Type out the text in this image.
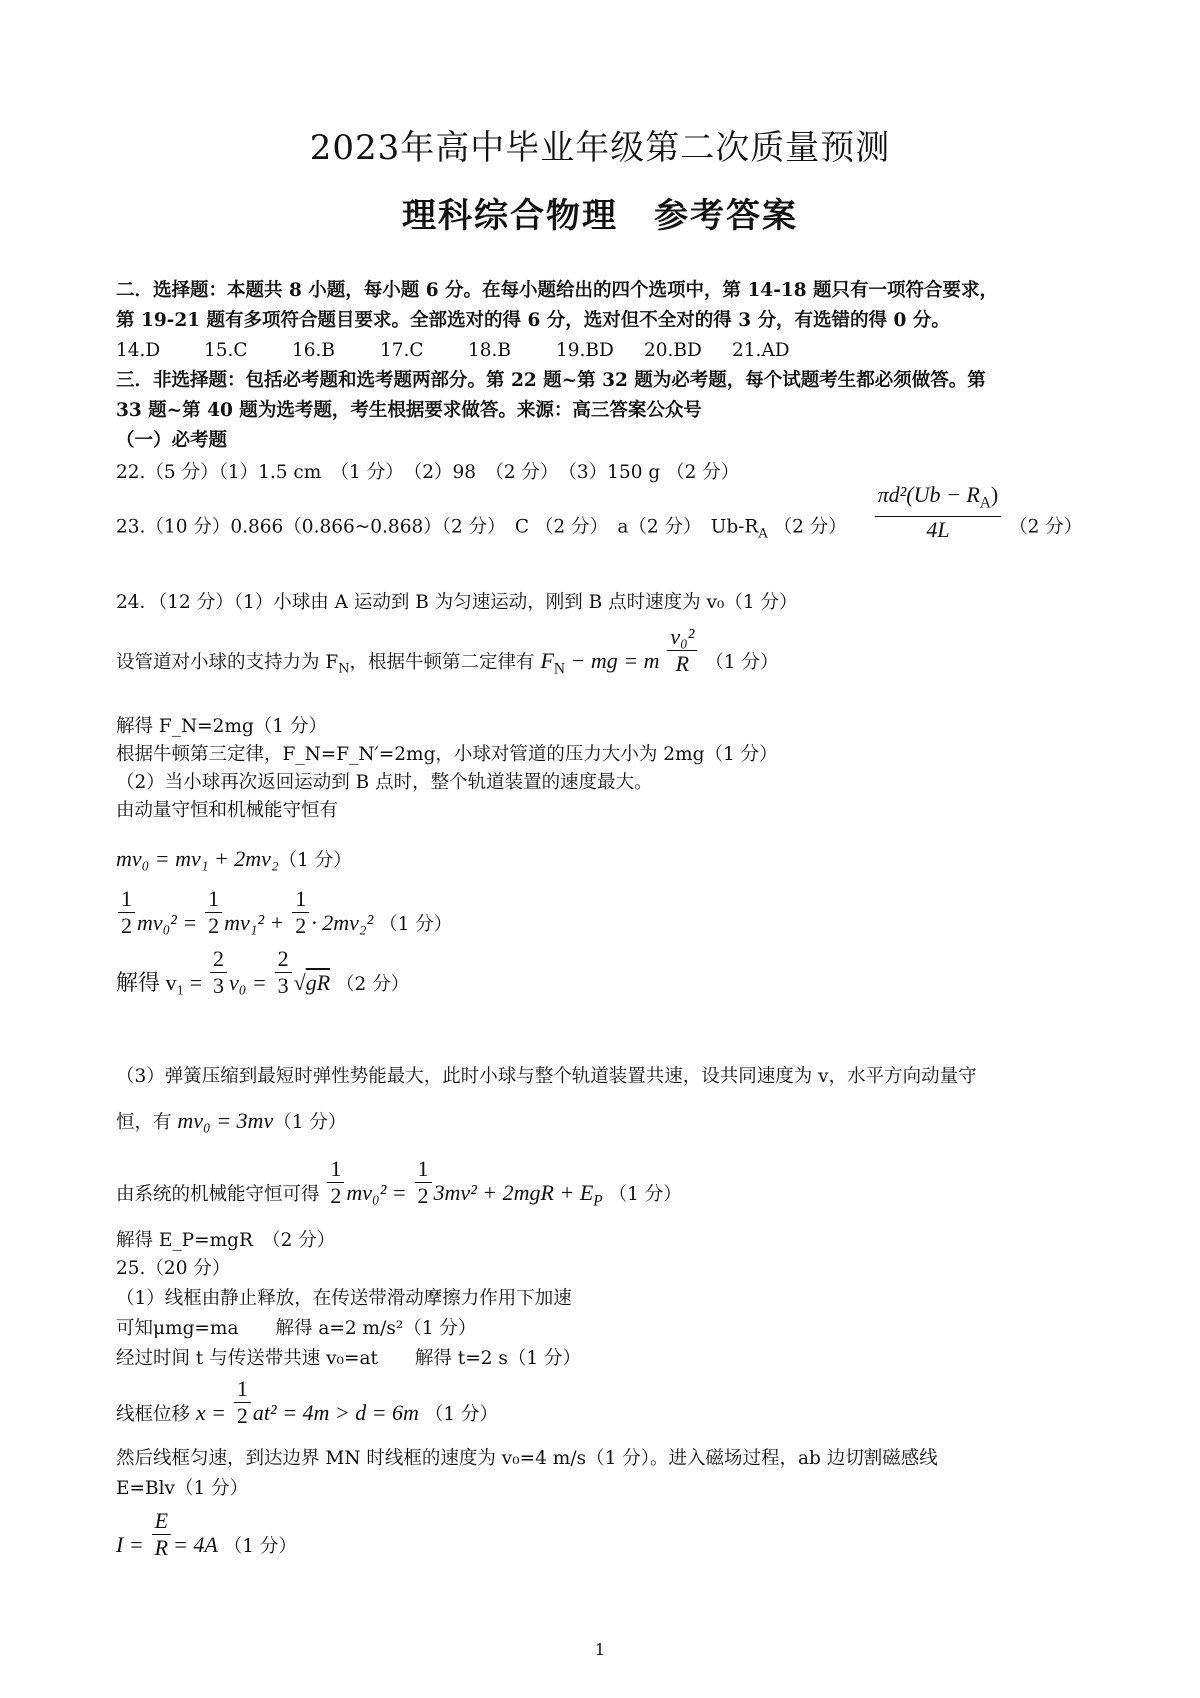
2023年高中毕业年级第二次质量预测
理科综合物理　参考答案
二．选择题：本题共 8 小题，每小题 6 分。在每小题给出的四个选项中，第 14-18 题只有一项符合要求，
第 19-21 题有多项符合题目要求。全部选对的得 6 分，选对但不全对的得 3 分，有选错的得 0 分。
14.D 15.C 16.B 17.C 18.B 19.BD 20.BD 21.AD
三．非选择题：包括必考题和选考题两部分。第 22 题~第 32 题为必考题，每个试题考生都必须做答。第
33 题~第 40 题为选考题，考生根据要求做答。来源：高三答案公众号
（一）必考题
22.（5 分）（1）1.5 cm　（1 分）　（2）98　（2 分）　（3）150 g （2 分）
23.（10 分）0.866（0.866~0.868）（2 分）　C （2 分）　a（2 分）　$Ub-R_A$ （2 分） $\frac{\pi d^2(Ub - R_A)}{4L} (2$ 分）
24．（12 分）（1）小球由 A 运动到 B 为匀速运动，刚到 B 点时速度为 v₀（1 分）
设管道对小球的支持力为 $F_N$，根据牛顿第二定律有 $F_N$ − mg = m $\frac{\text{v₀²}}{R} (1$ 分）
解得 F_N=2mg（1 分）
根据牛顿第三定律，F_N=F_N′=2mg，小球对管道的压力大小为 2mg（1 分）
（2）当小球再次返回运动到 B 点时，整个轨道装置的速度最大。
由动量守恒和机械能守恒有
mv₀ = mv₁ + 2mv₂（1 分）
$\frac{1}{2} mv_0^2 = \frac{1}{2} mv_1^2 + \frac{1}{2} \cdot 2mv_2^2$ （1 分）
解得 $v_1 = \frac{2}{3} v_0 = \frac{2}{3} √gR$ （2 分）
（3）弹簧压缩到最短时弹性势能最大，此时小球与整个轨道装置共速，设共同速度为 v，水平方向动量守
恒，有 mv₀ = 3mv（1 分）
由系统的机械能守恒可得 $\frac{1}{2} mv_0^2 = \frac{1}{2} 3mv^2 + 2mgR + E_P$ （1 分）
解得 E_P=mgR　（2 分）
25.（20 分）
（1）线框由静止释放，在传送带滑动摩擦力作用下加速
可知μmg=ma　　解得 a=2 m/s²（1 分）
经过时间 t 与传送带共速 v₀=at　　解得 t=2 s（1 分）
线框位移 $x = \frac{1}{2} at^2 = 4m > d = 6m$ （1 分）
然后线框匀速，到达边界 MN 时线框的速度为 v₀=4 m/s（1 分）。进入磁场过程，ab 边切割磁感线
E=Blv（1 分）
$I = \frac{E}{R} = 4A$ （1 分）
1
